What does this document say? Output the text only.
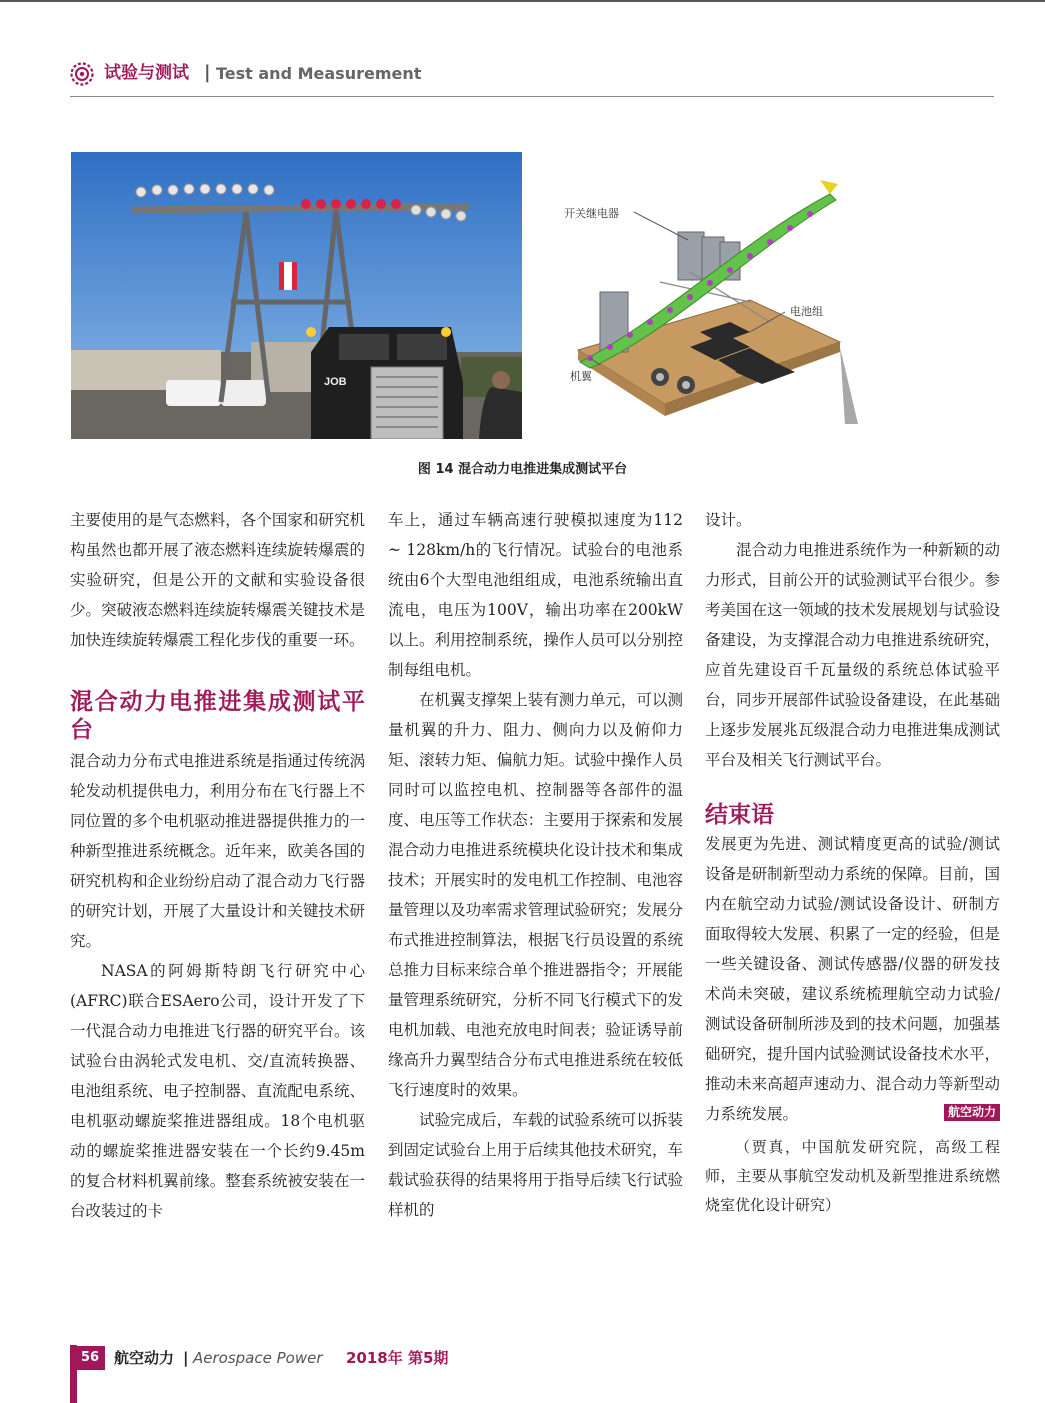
试验与测试 | Test and Measurement
JOB
开关继电器
电池组
机翼
图 14 混合动力电推进集成测试平台

主要使用的是气态燃料，各个国家和研究机构虽然也都开展了液态燃料连续旋转爆震的实验研究，但是公开的文献和实验设备很少。突破液态燃料连续旋转爆震关键技术是加快连续旋转爆震工程化步伐的重要一环。

混合动力电推进集成测试平台

混合动力分布式电推进系统是指通过传统涡轮发动机提供电力，利用分布在飞行器上不同位置的多个电机驱动推进器提供推力的一种新型推进系统概念。近年来，欧美各国的研究机构和企业纷纷启动了混合动力飞行器的研究计划，开展了大量设计和关键技术研究。

NASA的阿姆斯特朗飞行研究中心 (AFRC)联合ESAero公司，设计开发了下一代混合动力电推进飞行器的研究平台。该试验台由涡轮式发电机、交/直流转换器、电池组系统、电子控制器、直流配电系统、电机驱动螺旋桨推进器组成。18个电机驱动的螺旋桨推进器安装在一个长约9.45m的复合材料机翼前缘。整套系统被安装在一台改装过的卡

车上，通过车辆高速行驶模拟速度为112 ~ 128km/h的飞行情况。试验台的电池系统由6个大型电池组组成，电池系统输出直流电，电压为100V，输出功率在200kW以上。利用控制系统，操作人员可以分别控制每组电机。

在机翼支撑架上装有测力单元，可以测量机翼的升力、阻力、侧向力以及俯仰力矩、滚转力矩、偏航力矩。试验中操作人员同时可以监控电机、控制器等各部件的温度、电压等工作状态：主要用于探索和发展混合动力电推进系统模块化设计技术和集成技术；开展实时的发电机工作控制、电池容量管理以及功率需求管理试验研究；发展分布式推进控制算法，根据飞行员设置的系统总推力目标来综合单个推进器指令；开展能量管理系统研究，分析不同飞行模式下的发电机加载、电池充放电时间表；验证诱导前缘高升力翼型结合分布式电推进系统在较低飞行速度时的效果。

试验完成后，车载的试验系统可以拆装到固定试验台上用于后续其他技术研究，车载试验获得的结果将用于指导后续飞行试验样机的

设计。

混合动力电推进系统作为一种新颖的动力形式，目前公开的试验测试平台很少。参考美国在这一领域的技术发展规划与试验设备建设，为支撑混合动力电推进系统研究，应首先建设百千瓦量级的系统总体试验平台，同步开展部件试验设备建设，在此基础上逐步发展兆瓦级混合动力电推进集成测试平台及相关飞行测试平台。

结束语

发展更为先进、测试精度更高的试验/测试设备是研制新型动力系统的保障。目前，国内在航空动力试验/测试设备设计、研制方面取得较大发展、积累了一定的经验，但是一些关键设备、测试传感器/仪器的研发技术尚未突破，建议系统梳理航空动力试验/测试设备研制所涉及到的技术问题，加强基础研究，提升国内试验测试设备技术水平，推动未来高超声速动力、混合动力等新型动力系统发展。	航空动力

（贾真，中国航发研究院，高级工程师，主要从事航空发动机及新型推进系统燃烧室优化设计研究）

56 航空动力 | Aerospace Power 2018年 第5期
